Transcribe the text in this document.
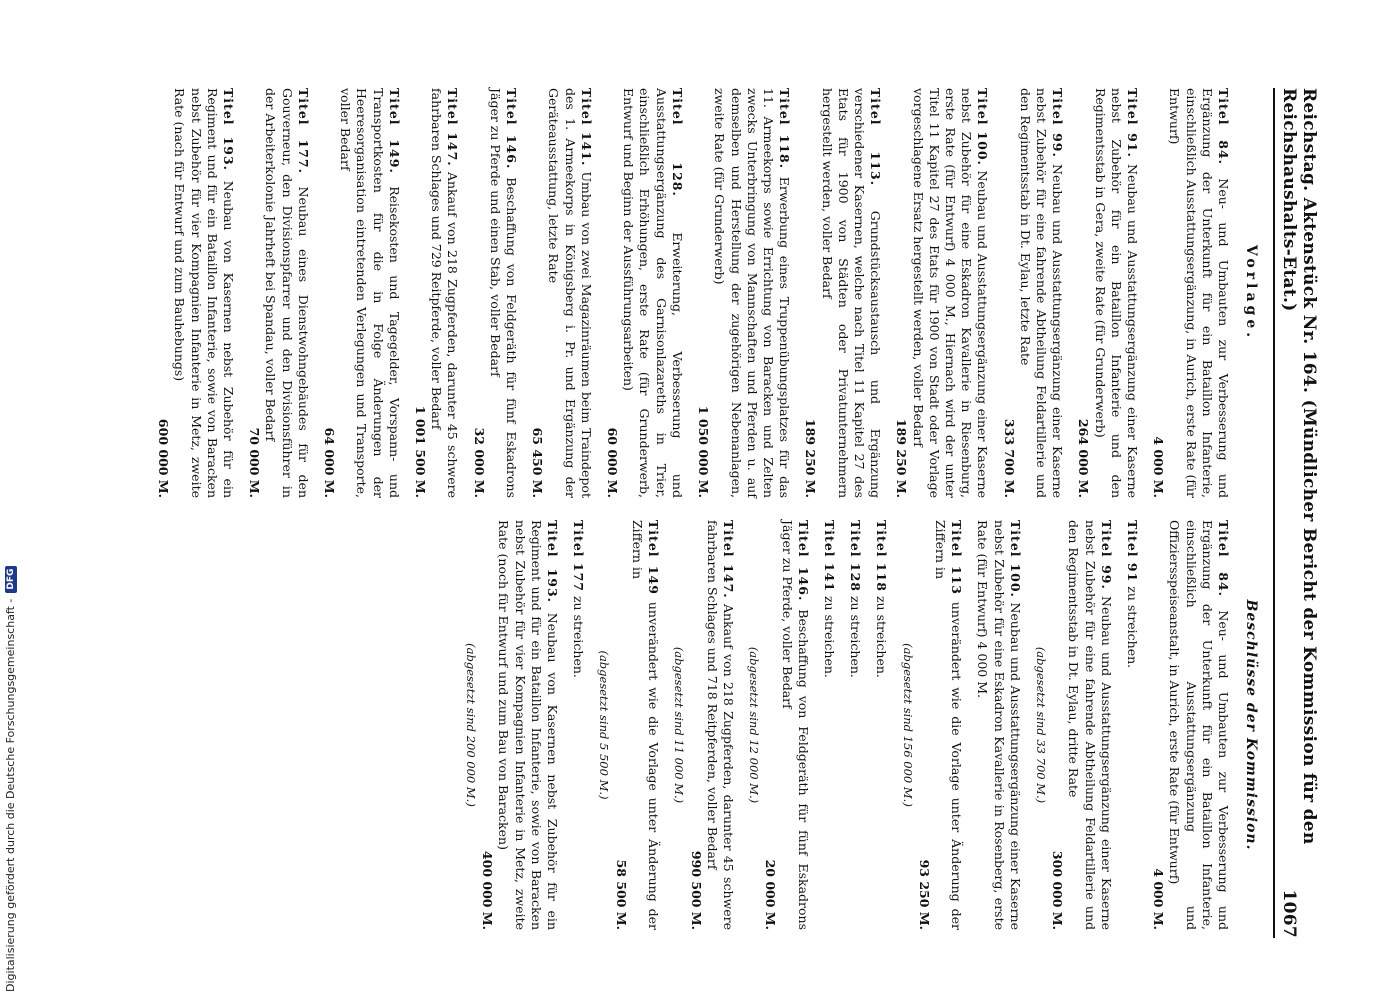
Reichstag. Aktenstück Nr. 164. (Mündlicher Bericht der Kommission für den Reichshaushalts-Etat.)
1067
Vorlage.
Titel 84. Neu- und Umbauten zur Verbesserung und Ergänzung der Unterkunft für ein Bataillon Infanterie, einschließlich Ausstattungsergänzung, in Aurich, erste Rate (für Entwurf)
4 000 M.
Titel 91. Neubau und Ausstattungsergänzung einer Kaserne nebst Zubehör für ein Bataillon Infanterie und den Regimentsstab in Gera, zweite Rate (für Grunderwerb)
264 000 M.
Titel 99. Neubau und Ausstattungsergänzung einer Kaserne nebst Zubehör für eine fahrende Abtheilung Feldartillerie und den Regimentsstab in Dt. Eylau, letzte Rate
333 700 M.
Titel 100. Neubau und Ausstattungsergänzung einer Kaserne nebst Zubehör für eine Eskadron Kavallerie in Riesenburg, erste Rate (für Entwurf) 4 000 M., Hiernach wird der unter Titel 11 Kapitel 27 des Etats für 1900 von Stadt oder Vorlage vorgeschlagene Ersatz hergestellt werden, voller Bedarf
189 250 M.
Titel 113. Grundstücksaustausch und Ergänzung verschiedener Kasernen, welche nach Titel 11 Kapitel 27 des Etats für 1900 von Städten oder Privatunternehmern hergestellt werden, voller Bedarf
189 250 M.
Titel 118. Erwerbung eines Truppenübungsplatzes für das 11. Armeekorps sowie Errichtung von Baracken und Zelten zwecks Unterbringung von Mannschaften und Pferden u. auf demselben und Herstellung der zugehörigen Nebenanlagen, zweite Rate (für Grunderwerb)
1 050 000 M.
Titel 128. Erweiterung, Verbesserung und Ausstattungsergänzung des Garnisonlazareths in Trier, einschließlich Erhöhungen, erste Rate (für Grunderwerb, Entwurf und Beginn der Aussführungsarbeiten)
60 000 M.
Titel 141. Umbau von zwei Magazinräumen beim Traindepot des 1. Armeekorps in Königsberg i. Pr. und Ergänzung der Geräteausstattung, letzte Rate
65 450 M.
Titel 146. Beschaffung von Feldgeräth für fünf Eskadrons Jäger zu Pferde und einen Stab, voller Bedarf
32 000 M.
Titel 147. Ankauf von 218 Zugpferden, darunter 45 schwere fahrbaren Schlages und 729 Reitpferde, voller Bedarf
1 001 500 M.
Titel 149. Reisekosten und Tagegelder, Vorspann- und Transportkosten für die in Folge Änderungen der Heeresorganisation eintretenden Verlegungen und Transporte, voller Bedarf
64 000 M.
Titel 177. Neubau eines Dienstwohngebäudes für den Gouverneur, den Divisionspfarrer und den Divisionsführer in der Arbeiterkolonie Jahrheft bei Spandau, voller Bedarf
70 000 M.
Titel 193. Neubau von Kasernen nebst Zubehör für ein Regiment und für ein Bataillon Infanterie, sowie von Baracken nebst Zubehör für vier Kompagnien Infanterie in Metz, zweite Rate (nach für Entwurf und zum Bauhebungs)
600 000 M.
Beschlüsse der Kommission.
Titel 84. Neu- und Umbauten zur Verbesserung und Ergänzung der Unterkunft für ein Bataillon Infanterie, einschließlich Ausstattungsergänzung und Offiziersspeiseanstalt, in Aurich, erste Rate (für Entwurf)
4 000 M.
Titel 91 zu streichen.
Titel 99. Neubau und Ausstattungsergänzung einer Kaserne nebst Zubehör für eine fahrende Abtheilung Feldartillerie und den Regimentsstab in Dt. Eylau, dritte Rate
300 000 M.
(abgesetzt sind 33 700 M.)
Titel 100. Neubau und Ausstattungsergänzung einer Kaserne nebst Zubehör für eine Eskadron Kavallerie in Rosenberg, erste Rate (für Entwurf) 4 000 M.
Titel 113 unverändert wie die Vorlage unter Änderung der Ziffern in
93 250 M.
(abgesetzt sind 156 000 M.)
Titel 118 zu streichen.
Titel 128 zu streichen.
Titel 141 zu streichen.
Titel 146. Beschaffung von Feldgeräth für fünf Eskadrons Jäger zu Pferde, voller Bedarf
20 000 M.
(abgesetzt sind 12 000 M.)
Titel 147. Ankauf von 218 Zugpferden, darunter 45 schwere fahrbaren Schlages und 718 Reitpferden, voller Bedarf
990 500 M.
(abgesetzt sind 11 000 M.)
Titel 149 unverändert wie die Vorlage unter Änderung der Ziffern in
58 500 M.
(abgesetzt sind 5 500 M.)
Titel 177 zu streichen.
Titel 193. Neubau von Kasernen nebst Zubehör für ein Regiment und für ein Bataillon Infanterie, sowie von Baracken nebst Zubehör für vier Kompagnien Infanterie in Metz, zweite Rate (noch für Entwurf und zum Bau von Baracken)
400 000 M.
(abgesetzt sind 200 000 M.)
Digitalisierung gefördert durch die Deutsche Forschungsgemeinschaft -
DFG
